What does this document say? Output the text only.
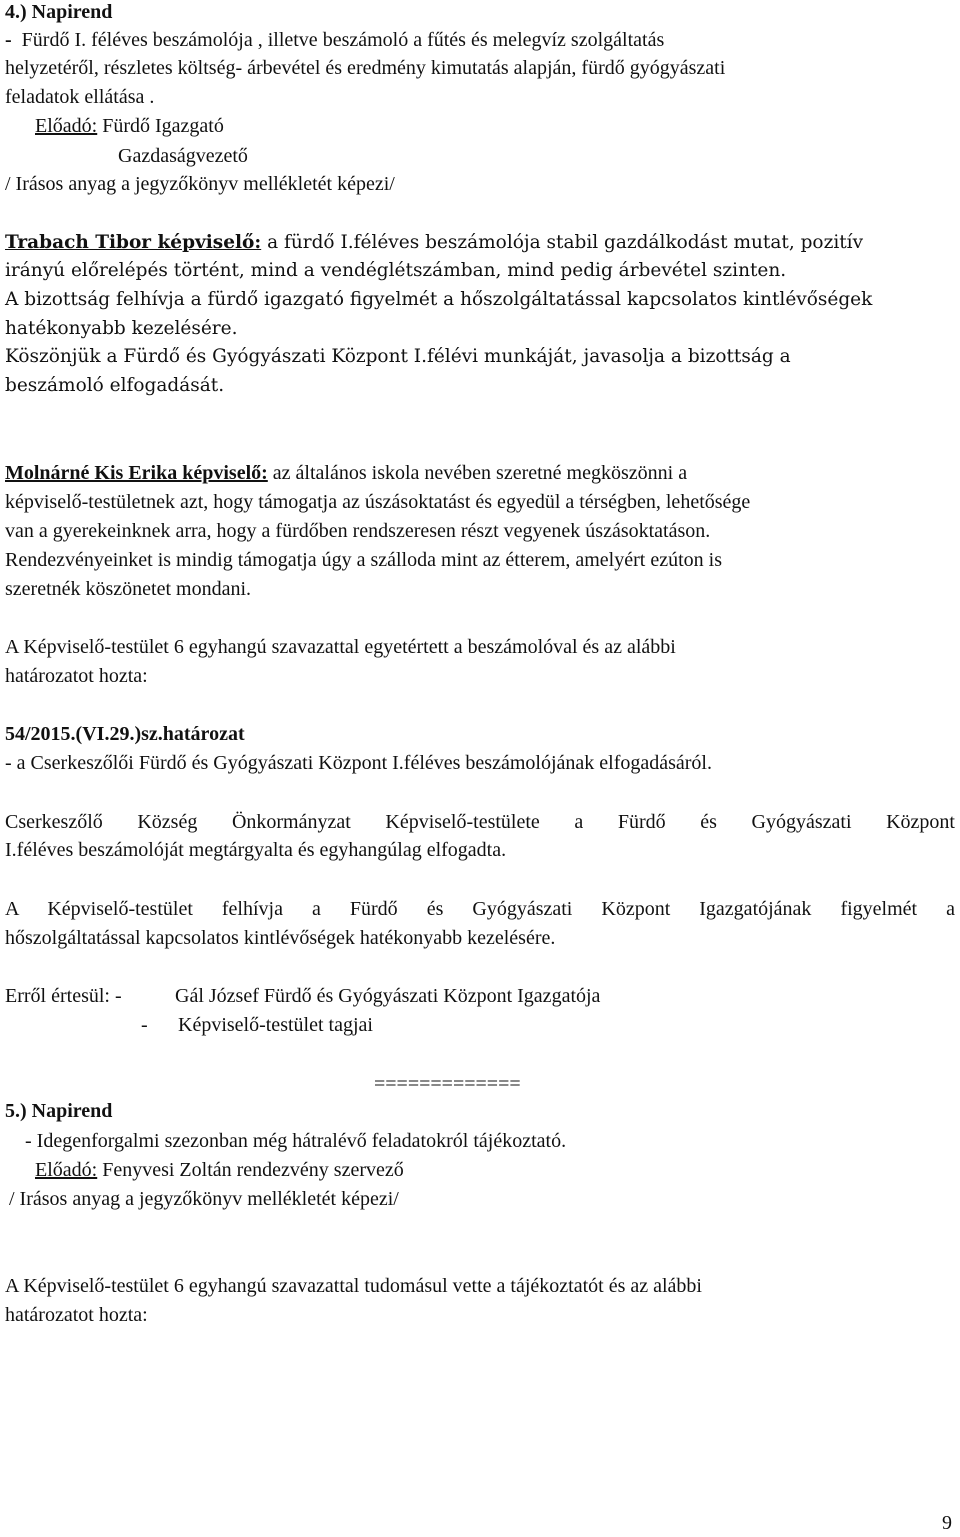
4.) Napirend
- Fürdő I. féléves beszámolója , illetve beszámoló a fűtés és melegvíz szolgáltatás
helyzetéről, részletes költség- árbevétel és eredmény kimutatás alapján, fürdő gyógyászati
feladatok ellátása .
Előadó: Fürdő Igazgató
Gazdaságvezető
/ Irásos anyag a jegyzőkönyv mellékletét képezi/
Trabach Tibor képviselő: a fürdő I.féléves beszámolója stabil gazdálkodást mutat, pozitív
irányú előrelépés történt, mind a vendéglétszámban, mind pedig árbevétel szinten.
A bizottság felhívja a fürdő igazgató figyelmét a hőszolgáltatással kapcsolatos kintlévőségek
hatékonyabb kezelésére.
Köszönjük a Fürdő és Gyógyászati Központ I.félévi munkáját, javasolja a bizottság a
beszámoló elfogadását.
Molnárné Kis Erika képviselő: az általános iskola nevében szeretné megköszönni a
képviselő-testületnek azt, hogy támogatja az úszásoktatást és egyedül a térségben, lehetősége
van a gyerekeinknek arra, hogy a fürdőben rendszeresen részt vegyenek úszásoktatáson.
Rendezvényeinket is mindig támogatja úgy a szálloda mint az étterem, amelyért ezúton is
szeretnék köszönetet mondani.
A Képviselő-testület 6 egyhangú szavazattal egyetértett a beszámolóval és az alábbi
határozatot hozta:
54/2015.(VI.29.)sz.határozat
- a Cserkeszőlői Fürdő és Gyógyászati Központ I.féléves beszámolójának elfogadásáról.
Cserkeszőlő Község Önkormányzat Képviselő-testülete a Fürdő és Gyógyászati Központ
I.féléves beszámolóját megtárgyalta és egyhangúlag elfogadta.
A Képviselő-testület felhívja a Fürdő és Gyógyászati Központ Igazgatójának figyelmét a
hőszolgáltatással kapcsolatos kintlévőségek hatékonyabb kezelésére.
Erről értesül: -	Gál József Fürdő és Gyógyászati Központ Igazgatója
- Képviselő-testület tagjai
=============
5.) Napirend
- Idegenforgalmi szezonban még hátralévő feladatokról tájékoztató.
Előadó: Fenyvesi Zoltán rendezvény szervező
/ Irásos anyag a jegyzőkönyv mellékletét képezi/
A Képviselő-testület 6 egyhangú szavazattal tudomásul vette a tájékoztatót és az alábbi
határozatot hozta:
9
